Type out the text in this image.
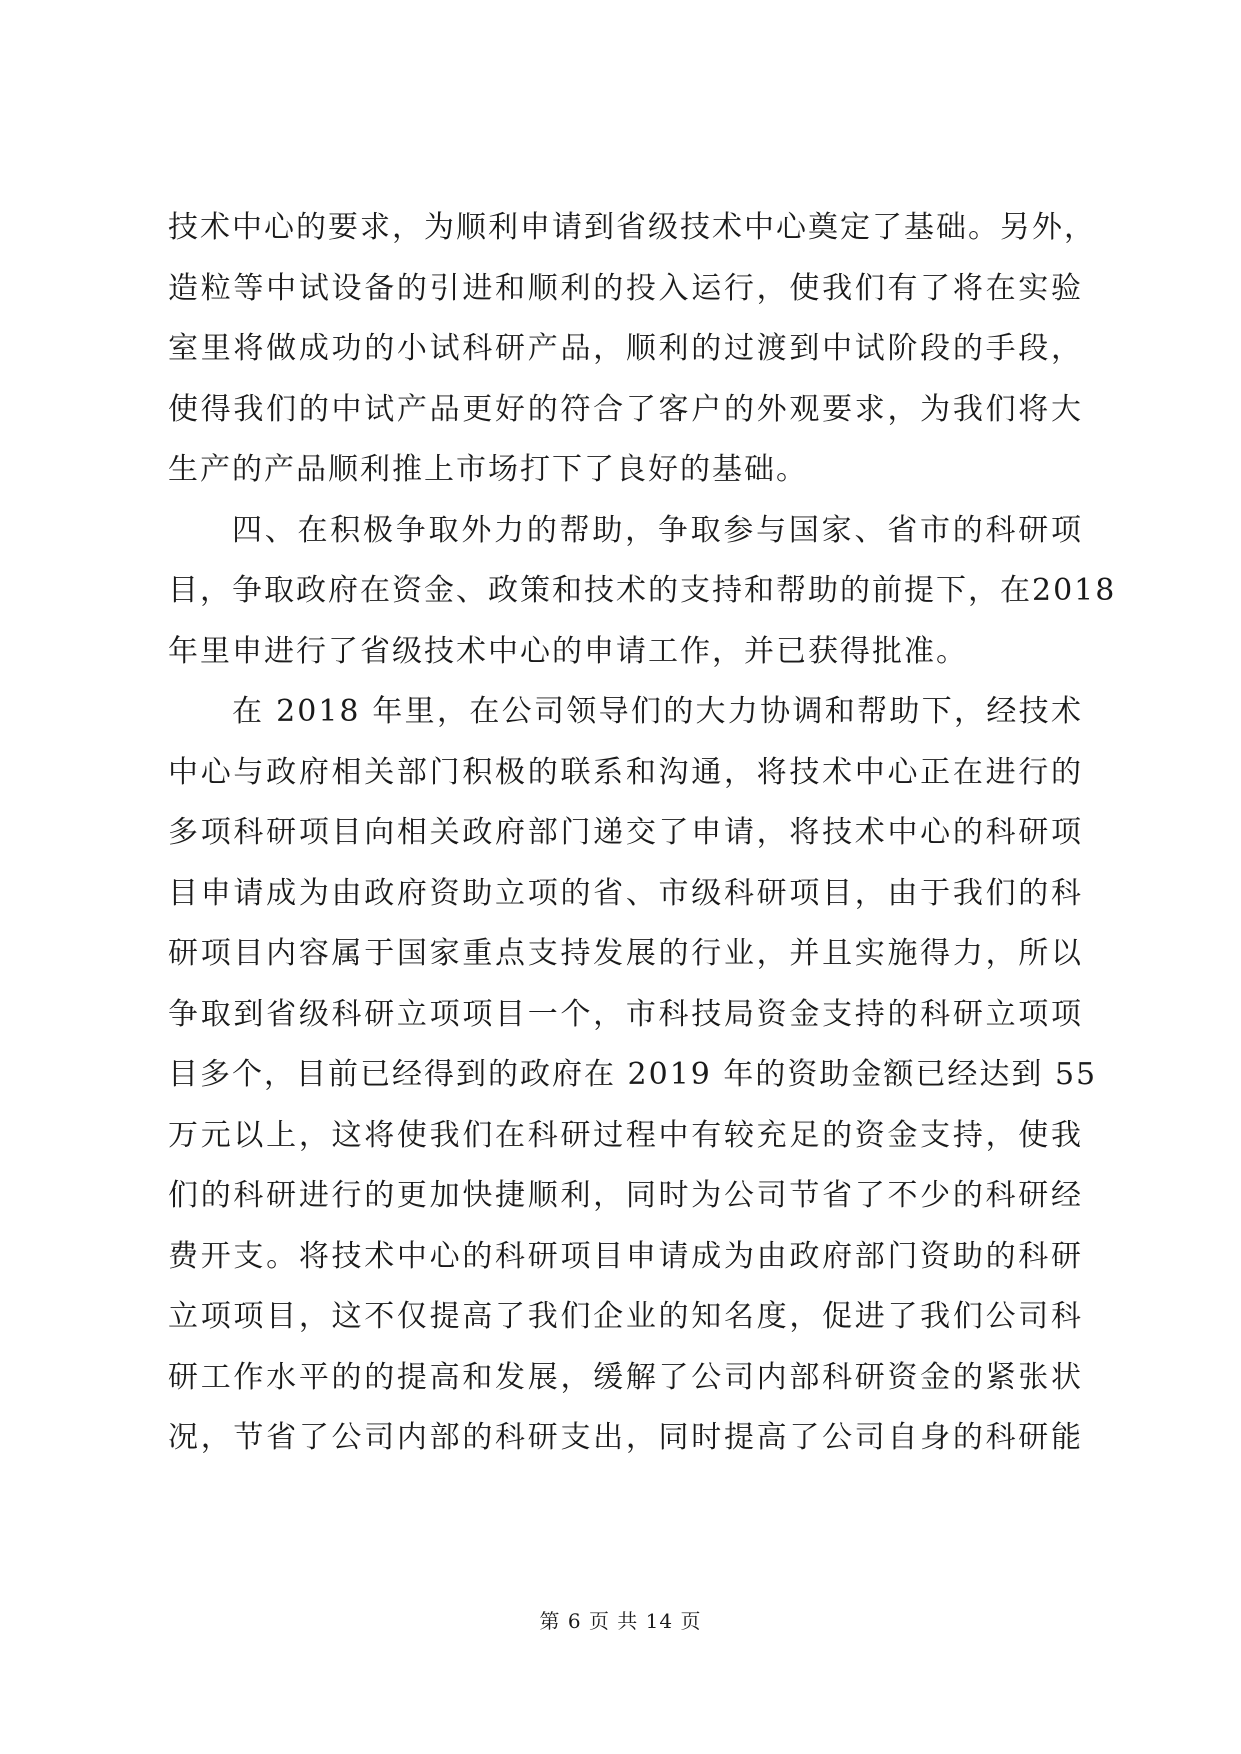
技术中心的要求，为顺利申请到省级技术中心奠定了基础。另外，
造粒等中试设备的引进和顺利的投入运行，使我们有了将在实验
室里将做成功的小试科研产品，顺利的过渡到中试阶段的手段，
使得我们的中试产品更好的符合了客户的外观要求，为我们将大
生产的产品顺利推上市场打下了良好的基础。
四、在积极争取外力的帮助，争取参与国家、省市的科研项
目，争取政府在资金、政策和技术的支持和帮助的前提下，在2018
年里申进行了省级技术中心的申请工作，并已获得批准。
在 2018 年里，在公司领导们的大力协调和帮助下，经技术
中心与政府相关部门积极的联系和沟通，将技术中心正在进行的
多项科研项目向相关政府部门递交了申请，将技术中心的科研项
目申请成为由政府资助立项的省、市级科研项目，由于我们的科
研项目内容属于国家重点支持发展的行业，并且实施得力，所以
争取到省级科研立项项目一个，市科技局资金支持的科研立项项
目多个，目前已经得到的政府在 2019 年的资助金额已经达到 55
万元以上，这将使我们在科研过程中有较充足的资金支持，使我
们的科研进行的更加快捷顺利，同时为公司节省了不少的科研经
费开支。将技术中心的科研项目申请成为由政府部门资助的科研
立项项目，这不仅提高了我们企业的知名度，促进了我们公司科
研工作水平的的提高和发展，缓解了公司内部科研资金的紧张状
况，节省了公司内部的科研支出，同时提高了公司自身的科研能
第 6 页 共 14 页
